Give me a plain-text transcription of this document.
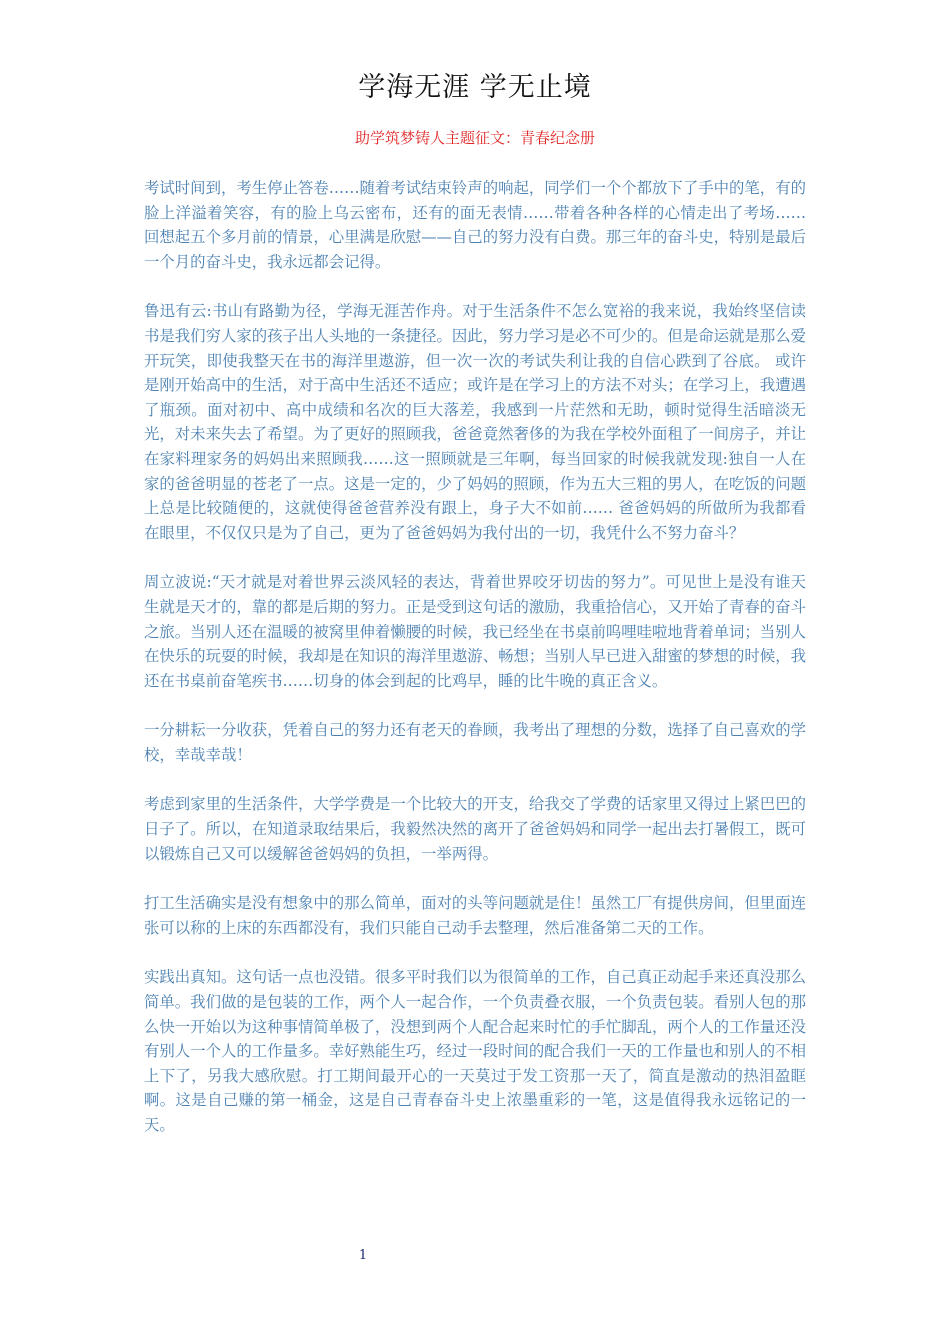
学海无涯 学无止境
助学筑梦铸人主题征文：青春纪念册

考试时间到，考生停止答卷……随着考试结束铃声的响起，同学们一个个都放下了手中的笔，有的脸上洋溢着笑容，有的脸上乌云密布，还有的面无表情……带着各种各样的心情走出了考场…… 回想起五个多月前的情景，心里满是欣慰——自己的努力没有白费。那三年的奋斗史，特别是最后一个月的奋斗史，我永远都会记得。

鲁迅有云:书山有路勤为径，学海无涯苦作舟。对于生活条件不怎么宽裕的我来说，我始终坚信读书是我们穷人家的孩子出人头地的一条捷径。因此，努力学习是必不可少的。但是命运就是那么爱开玩笑，即使我整天在书的海洋里遨游，但一次一次的考试失利让我的自信心跌到了谷底。 或许是刚开始高中的生活，对于高中生活还不适应；或许是在学习上的方法不对头；在学习上，我遭遇了瓶颈。面对初中、高中成绩和名次的巨大落差，我感到一片茫然和无助，顿时觉得生活暗淡无光，对未来失去了希望。为了更好的照顾我，爸爸竟然奢侈的为我在学校外面租了一间房子，并让在家料理家务的妈妈出来照顾我……这一照顾就是三年啊，每当回家的时候我就发现:独自一人在家的爸爸明显的苍老了一点。这是一定的，少了妈妈的照顾，作为五大三粗的男人，在吃饭的问题上总是比较随便的，这就使得爸爸营养没有跟上，身子大不如前…… 爸爸妈妈的所做所为我都看在眼里，不仅仅只是为了自己，更为了爸爸妈妈为我付出的一切，我凭什么不努力奋斗？

周立波说:“天才就是对着世界云淡风轻的表达，背着世界咬牙切齿的努力”。可见世上是没有谁天生就是天才的，靠的都是后期的努力。正是受到这句话的激励，我重拾信心，又开始了青春的奋斗之旅。当别人还在温暖的被窝里伸着懒腰的时候，我已经坐在书桌前呜哩哇啦地背着单词；当别人在快乐的玩耍的时候，我却是在知识的海洋里遨游、畅想；当别人早已进入甜蜜的梦想的时候，我还在书桌前奋笔疾书……切身的体会到起的比鸡早，睡的比牛晚的真正含义。

一分耕耘一分收获，凭着自己的努力还有老天的眷顾，我考出了理想的分数，选择了自己喜欢的学校，幸哉幸哉！

考虑到家里的生活条件，大学学费是一个比较大的开支，给我交了学费的话家里又得过上紧巴巴的日子了。所以，在知道录取结果后，我毅然决然的离开了爸爸妈妈和同学一起出去打暑假工，既可以锻炼自己又可以缓解爸爸妈妈的负担，一举两得。

打工生活确实是没有想象中的那么简单，面对的头等问题就是住！虽然工厂有提供房间，但里面连张可以称的上床的东西都没有，我们只能自己动手去整理，然后准备第二天的工作。

实践出真知。这句话一点也没错。很多平时我们以为很简单的工作，自己真正动起手来还真没那么简单。我们做的是包装的工作，两个人一起合作，一个负责叠衣服，一个负责包装。看别人包的那么快一开始以为这种事情简单极了，没想到两个人配合起来时忙的手忙脚乱，两个人的工作量还没有别人一个人的工作量多。幸好熟能生巧，经过一段时间的配合我们一天的工作量也和别人的不相上下了，另我大感欣慰。打工期间最开心的一天莫过于发工资那一天了，简直是激动的热泪盈眶啊。这是自己赚的第一桶金，这是自己青春奋斗史上浓墨重彩的一笔，这是值得我永远铭记的一天。

1
